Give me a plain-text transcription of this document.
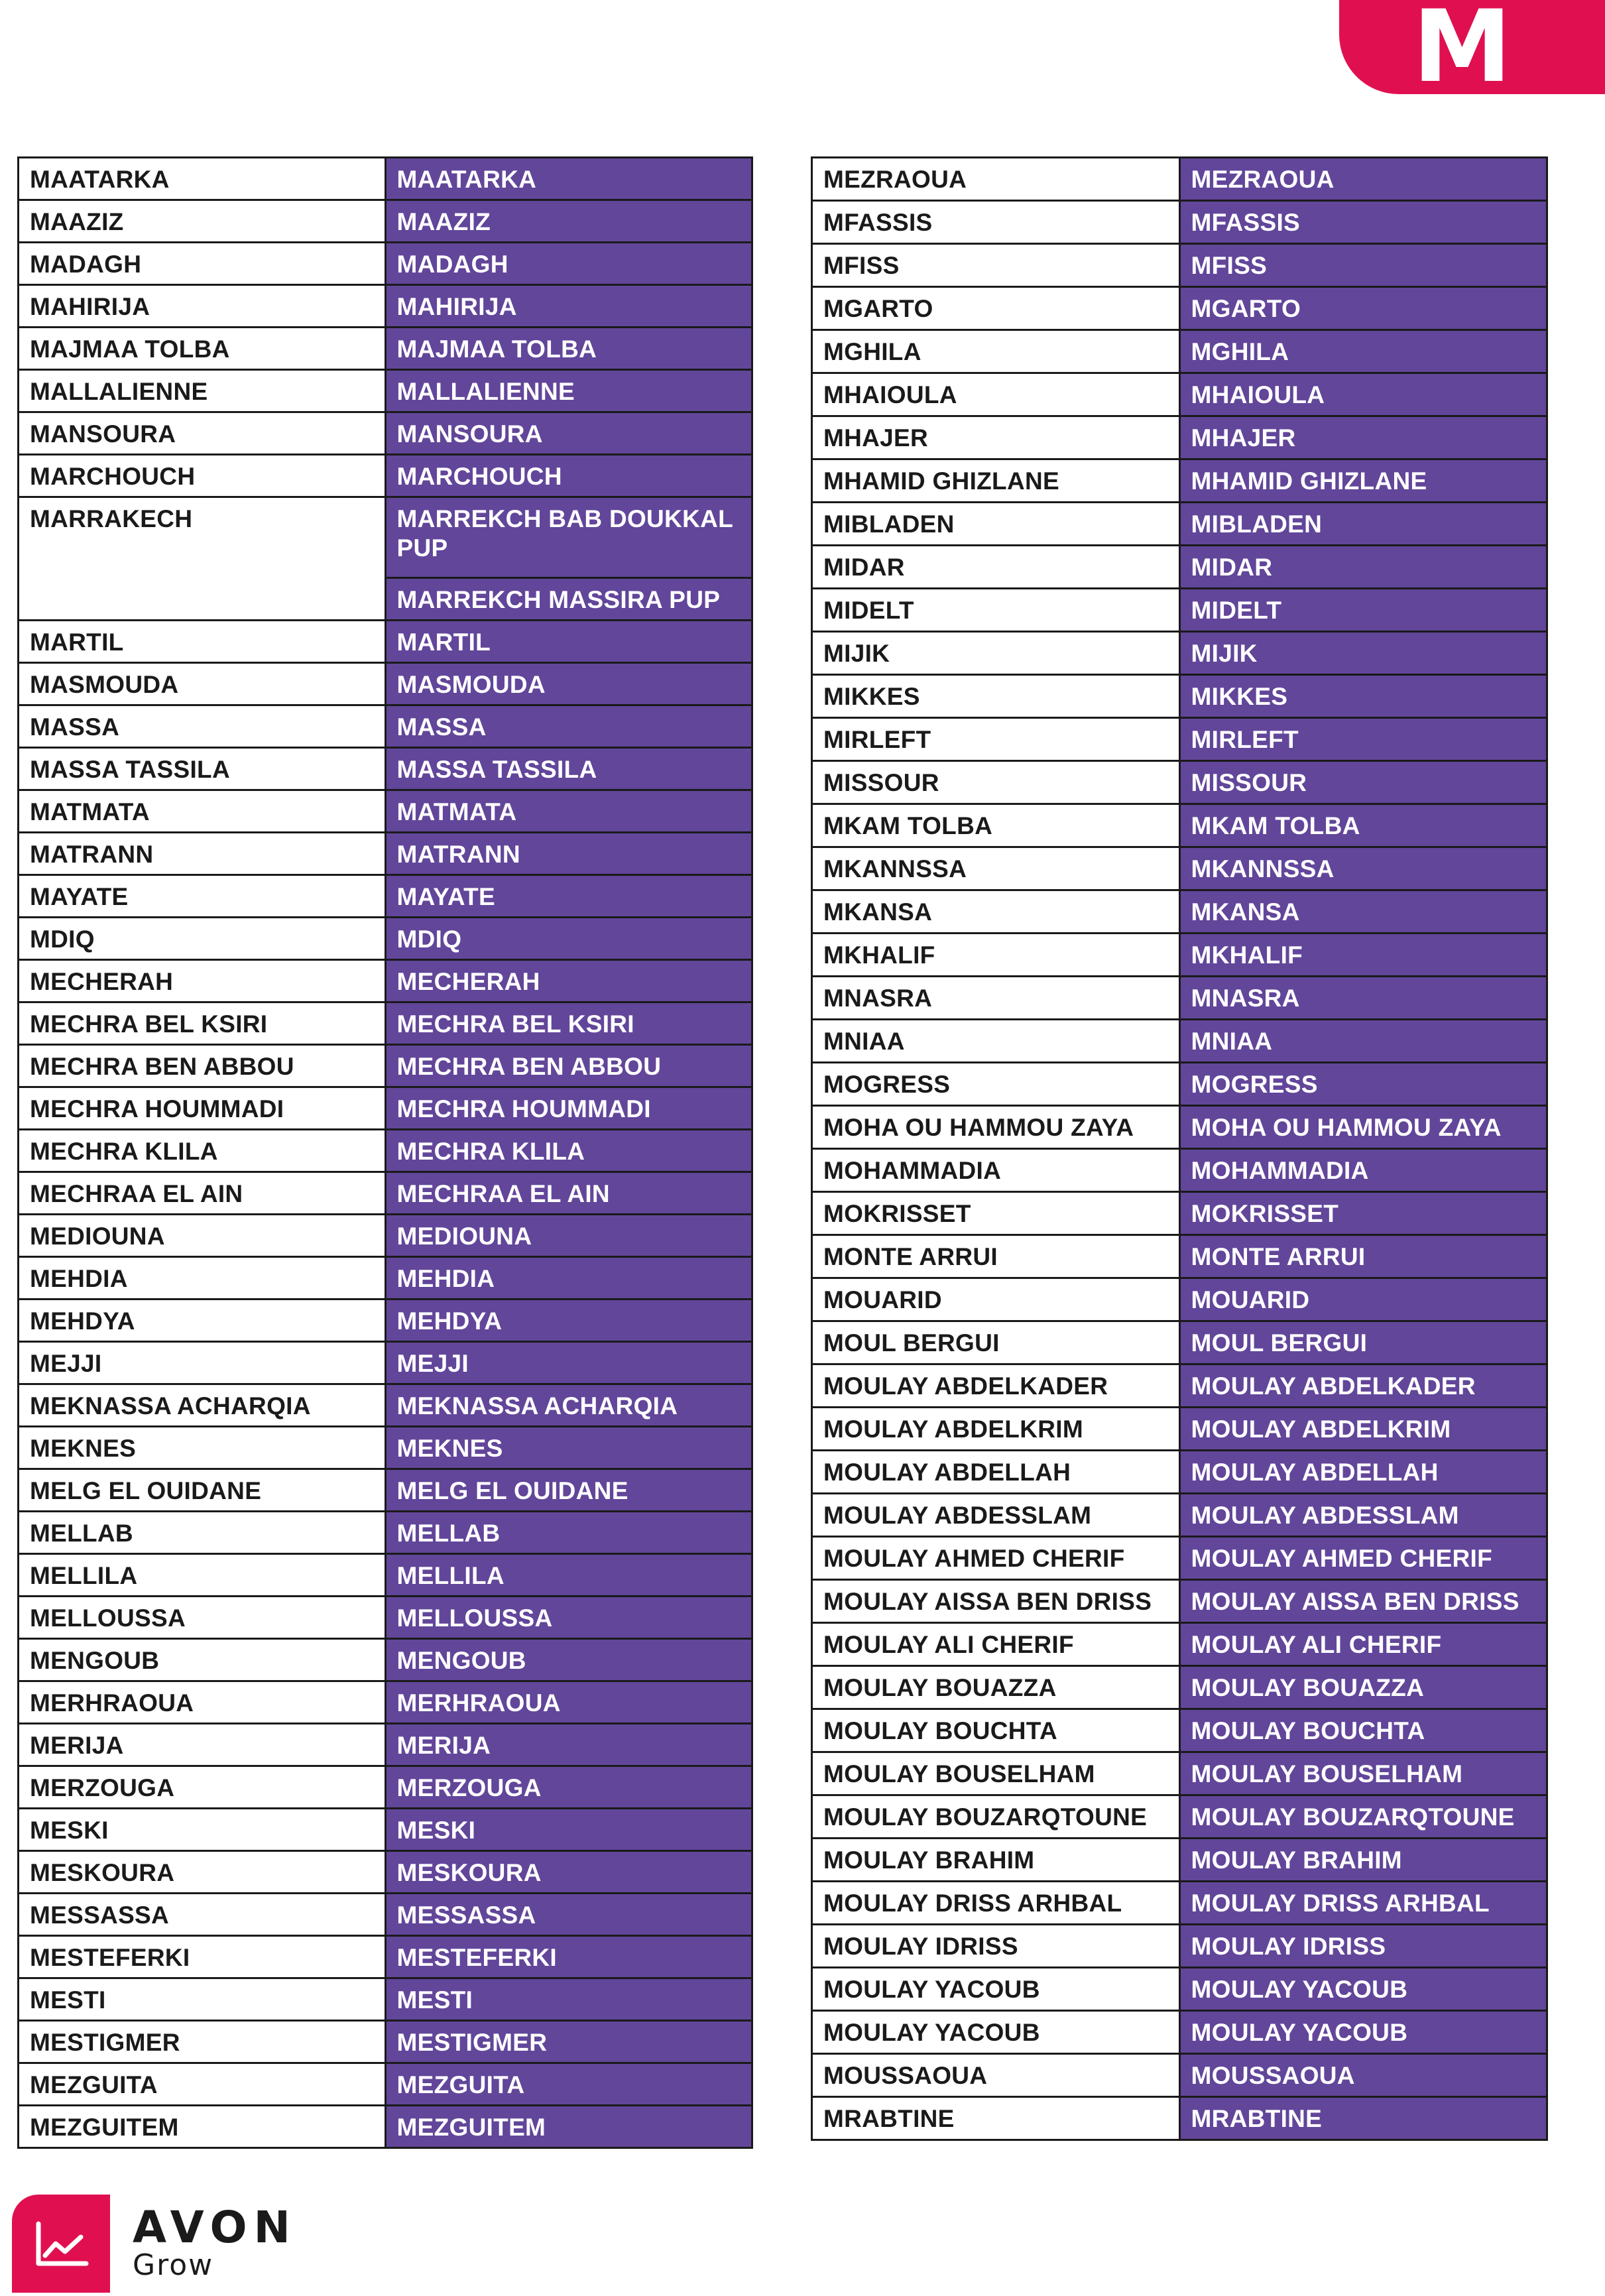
M
MAATARKA	MAATARKA
MAAZIZ	MAAZIZ
MADAGH	MADAGH
MAHIRIJA	MAHIRIJA
MAJMAA TOLBA	MAJMAA TOLBA
MALLALIENNE	MALLALIENNE
MANSOURA	MANSOURA
MARCHOUCH	MARCHOUCH
MARRAKECH	MARREKCH BAB DOUKKAL PUP
	MARREKCH MASSIRA PUP
MARTIL	MARTIL
MASMOUDA	MASMOUDA
MASSA	MASSA
MASSA TASSILA	MASSA TASSILA
MATMATA	MATMATA
MATRANN	MATRANN
MAYATE	MAYATE
MDIQ	MDIQ
MECHERAH	MECHERAH
MECHRA BEL KSIRI	MECHRA BEL KSIRI
MECHRA BEN ABBOU	MECHRA BEN ABBOU
MECHRA HOUMMADI	MECHRA HOUMMADI
MECHRA KLILA	MECHRA KLILA
MECHRAA EL AIN	MECHRAA EL AIN
MEDIOUNA	MEDIOUNA
MEHDIA	MEHDIA
MEHDYA	MEHDYA
MEJJI	MEJJI
MEKNASSA ACHARQIA	MEKNASSA ACHARQIA
MEKNES	MEKNES
MELG EL OUIDANE	MELG EL OUIDANE
MELLAB	MELLAB
MELLILA	MELLILA
MELLOUSSA	MELLOUSSA
MENGOUB	MENGOUB
MERHRAOUA	MERHRAOUA
MERIJA	MERIJA
MERZOUGA	MERZOUGA
MESKI	MESKI
MESKOURA	MESKOURA
MESSASSA	MESSASSA
MESTEFERKI	MESTEFERKI
MESTI	MESTI
MESTIGMER	MESTIGMER
MEZGUITA	MEZGUITA
MEZGUITEM	MEZGUITEM
MEZRAOUA	MEZRAOUA
MFASSIS	MFASSIS
MFISS	MFISS
MGARTO	MGARTO
MGHILA	MGHILA
MHAIOULA	MHAIOULA
MHAJER	MHAJER
MHAMID GHIZLANE	MHAMID GHIZLANE
MIBLADEN	MIBLADEN
MIDAR	MIDAR
MIDELT	MIDELT
MIJIK	MIJIK
MIKKES	MIKKES
MIRLEFT	MIRLEFT
MISSOUR	MISSOUR
MKAM TOLBA	MKAM TOLBA
MKANNSSA	MKANNSSA
MKANSA	MKANSA
MKHALIF	MKHALIF
MNASRA	MNASRA
MNIAA	MNIAA
MOGRESS	MOGRESS
MOHA OU HAMMOU ZAYA	MOHA OU HAMMOU ZAYA
MOHAMMADIA	MOHAMMADIA
MOKRISSET	MOKRISSET
MONTE ARRUI	MONTE ARRUI
MOUARID	MOUARID
MOUL BERGUI	MOUL BERGUI
MOULAY ABDELKADER	MOULAY ABDELKADER
MOULAY ABDELKRIM	MOULAY ABDELKRIM
MOULAY ABDELLAH	MOULAY ABDELLAH
MOULAY ABDESSLAM	MOULAY ABDESSLAM
MOULAY AHMED CHERIF	MOULAY AHMED CHERIF
MOULAY AISSA BEN DRISS	MOULAY AISSA BEN DRISS
MOULAY ALI CHERIF	MOULAY ALI CHERIF
MOULAY BOUAZZA	MOULAY BOUAZZA
MOULAY BOUCHTA	MOULAY BOUCHTA
MOULAY BOUSELHAM	MOULAY BOUSELHAM
MOULAY BOUZARQTOUNE	MOULAY BOUZARQTOUNE
MOULAY BRAHIM	MOULAY BRAHIM
MOULAY DRISS ARHBAL	MOULAY DRISS ARHBAL
MOULAY IDRISS	MOULAY IDRISS
MOULAY YACOUB	MOULAY YACOUB
MOULAY YACOUB	MOULAY YACOUB
MOUSSAOUA	MOUSSAOUA
MRABTINE	MRABTINE
AVON
Grow
